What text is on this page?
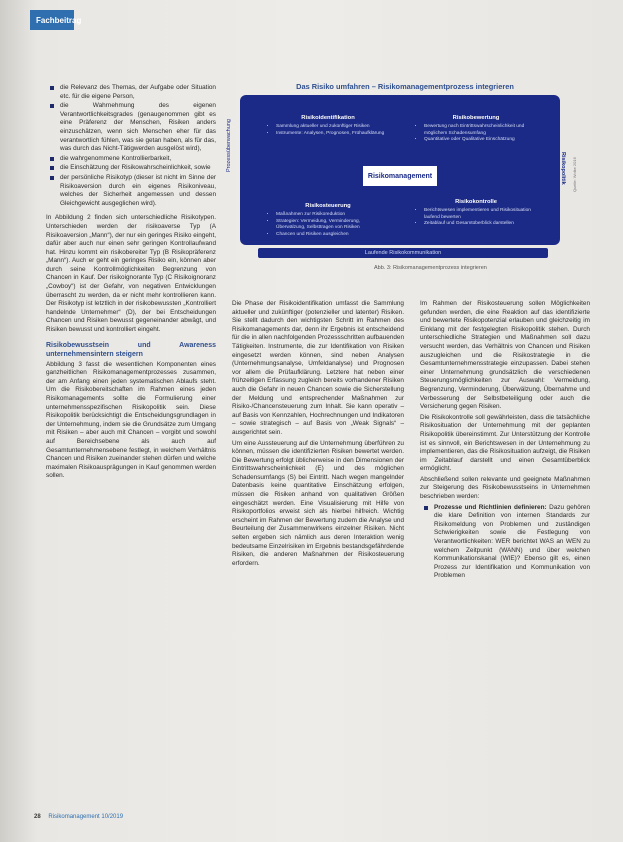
Fachbeitrag
die Relevanz des Themas, der Aufgabe oder Situation etc. für die eigene Person,
die Wahrnehmung des eigenen Verantwortlichkeitsgrades (genaugenommen gibt es eine Präferenz der Menschen, Risiken anders einzuschätzen, wenn sich Menschen eher für das verantwortlich fühlen, was sie getan haben, als für das, was durch das Nicht-Tätigwerden ausgelöst wird),
die wahrgenommene Kontrollierbarkeit,
die Einschätzung der Risikowahrscheinlichkeit, sowie
der persönliche Risikotyp (dieser ist nicht im Sinne der Risikoaversion durch ein eigenes Risikoniveau, welches der Sicherheit angemessen und dessen Gleichgewicht ausgeglichen wird).

In Abbildung 2 finden sich unterschiedliche Risikotypen. Unterschieden werden der risikoaverse Typ (A Risikoaversion „Mann“), der nur ein geringes Risiko eingeht, dafür aber auch nur einen sehr geringen Kontrollaufwand hat. Hinzu kommt ein risikobereiter Typ (B Risikopräferenz „Mann“). Auch er geht ein geringes Risiko ein, können aber durch seine Kontrollmöglichkeiten Begrenzung von Chancen in Kauf. Der risikoignorante Typ (C Risikoignoranz „Cowboy“) ist der Gefahr, von negativen Entwicklungen überrascht zu werden, da er nicht mehr kontrollieren kann. Der Risikotyp ist letztlich in der risikobewussten „Kontrolliert handelnde Unternehmer“ (D), der bei Entscheidungen Chancen und Risiken bewusst gegeneinander abwägt, und Risiken bewusst und kontrolliert eingeht.

Risikobewusstsein und Awareness unternehmensintern steigern

Abbildung 3 fasst die wesentlichen Komponenten eines ganzheitlichen Risikomanagementprozesses zusammen, der am Anfang einen jeden systematischen Ablaufs steht. Um die Risikobereitschaften im Rahmen eines jeden Risikomanagements sollte die Formulierung einer unternehmensspezifischen Risikopolitik sein. Diese Risikopolitik berücksichtigt die Entscheidungsgrundlagen in der Unternehmung, indem sie die Grundsätze zum Umgang mit Risiken – aber auch mit Chancen – vorgibt und sowohl auf Bereichsebene als auch auf Gesamtunternehmensebene festlegt, in welchem Verhältnis Chancen und Risiken zueinander stehen dürfen und welche maximalen Risikoausprägungen in Kauf genommen werden sollen.

Das Risiko umfahren – Risikomanagementprozess integrieren
Prozessüberwachung
Risikoidentifikation
• Sammlung aktueller und zukünftiger Risiken
• Instrumente: Analysen, Prognosen, Frühaufklärung
Risikobewertung
• Bewertung nach Eintrittswahrscheinlichkeit und möglichem Schadensumfang
• Quantitative oder Qualitative Einschätzung
Risikomanagement
Risikosteuerung
• Maßnahmen zur Risikoreduktion
• Strategien: Vermeidung, Verminderung, Überwälzung, Selbsttragen von Risiken
• Chancen und Risiken ausgleichen
Risikokontrolle
• Berichtswesen implementieren und Risikosituation laufend bewerten
• Zeitablauf und Gesamtüberblick darstellen
Risikopolitik
Laufende Risikokommunikation
Quelle: Wolke 2016
Abb. 3: Risikomanagementprozess integrieren

Die Phase der Risikoidentifikation umfasst die Sammlung aktueller und zukünftiger (potenzieller und latenter) Risiken. Sie stellt dadurch den wichtigsten Schritt im Rahmen des Risikomanagements dar, denn ihr Ergebnis ist entscheidend für die in allen nachfolgenden Prozessschritten aufbauenden Tätigkeiten. Instrumente, die zur Identifikation von Risiken eingesetzt werden können, sind neben Analysen (Unternehmungsanalyse, Umfeldanalyse) und Prognosen vor allem die Prüfaufklärung. Letztere hat neben einer frühzeitigen Erfassung zugleich bereits vorhandener Risiken auch die Gefahr in neuen Chancen sowie die Sicherstellung der Meldung und entsprechender Maßnahmen zur Risiko-/Chancensteuerung zum Inhalt. Sie kann operativ – auf Basis von Kennzahlen, Hochrechnungen und Indikatoren – sowie strategisch – auf Basis von „Weak Signals“ – ausgerichtet sein.

Um eine Aussteuerung auf die Unternehmung überführen zu können, müssen die identifizierten Risiken bewertet werden. Die Bewertung erfolgt üblicherweise in den Dimensionen der Eintrittswahrscheinlichkeit (E) und des möglichen Schadensumfangs (S) bei Eintritt. Nach wegen mangelnder Datenbasis keine quantitative Einschätzung erfolgen, müssen die Risiken anhand von qualitativen Größen eingeschätzt werden. Eine Visualisierung mit Hilfe von Risikoportfolios erweist sich als hierbei hilfreich. Wichtig erscheint im Rahmen der Bewertung zudem die Analyse und Beurteilung der Zusammenwirkens einzelner Risiken. Nicht selten ergeben sich nämlich aus deren Interaktion wenig bedeutsame Einzelrisiken im Ergebnis bestandsgefährdende Risiken, die anderen Maßnahmen der Risikosteuerung erfordern.

Im Rahmen der Risikosteuerung sollen Möglichkeiten gefunden werden, die eine Reaktion auf das identifizierte und bewertete Risikopotenzial erlauben und gleichzeitig im Einklang mit der festgelegten Risikopolitik stehen. Durch unterschiedliche Strategien und Maßnahmen soll dazu versucht werden, das Verhältnis von Chancen und Risiken auszugleichen und die Risikostrategie in die Gesamtunternehmensstrategie einzupassen. Dabei stehen einer Unternehmung grundsätzlich die verschiedenen Steuerungsmöglichkeiten zur Auswahl: Vermeidung, Begrenzung, Verminderung, Überwälzung, Übernahme und Verbesserung der Selbstbeteiligung oder auch die Versicherung gegen Risiken.

Die Risikokontrolle soll gewährleisten, dass die tatsächliche Risikosituation der Unternehmung mit der geplanten Risikopolitik übereinstimmt. Zur Unterstützung der Kontrolle ist es sinnvoll, ein Berichtswesen in der Unternehmung zu implementieren, das die Risikosituation aufzeigt, die Risiken im Zeitablauf darstellt und einen Gesamtüberblick ermöglicht.

Abschließend sollen relevante und geeignete Maßnahmen zur Steigerung des Risikobewusstseins in Unternehmen beschrieben werden:

Prozesse und Richtlinien definieren: Dazu gehören die klare Definition von internen Standards zur Risikomeldung von Problemen und zuständigen Schwierigkeiten sowie die Festlegung von Verantwortlichkeiten: WER berichtet WAS an WEN zu welchem Zeitpunkt (WANN) und über welchen Kommunikationskanal (WIE)? Ebenso gilt es, einen Prozess zur Identifikation und Kommunikation von Problemen
28 Risikomanagement 10/2019
